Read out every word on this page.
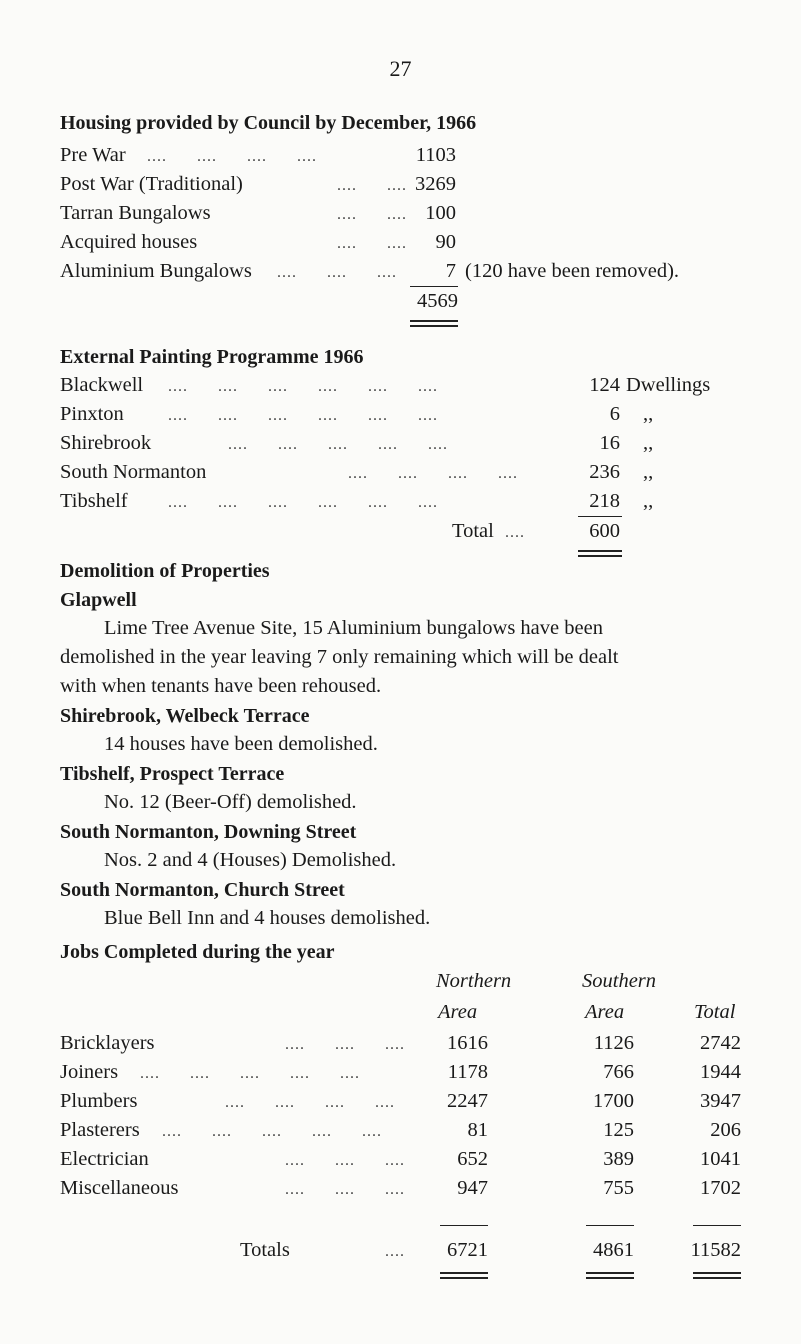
27
Housing provided by Council by December, 1966
Pre War ....      ....      ....      ....	1103
Post War (Traditional)	....      .... 3269
Tarran Bungalows	....      .... 100
Acquired houses	....      ....	90
Aluminium Bungalows ....      ....      ....	7 (120 have been removed).
4569
External Painting Programme 1966
Blackwell ....      ....      ....      ....      ....      ....	124 Dwellings
Pinxton	....      ....      ....      ....      ....      ....	6 ,,
Shirebrook	....      ....      ....      ....      ....	16 ,,
South Normanton	....      ....      ....      ....	236 ,,
Tibshelf	....      ....      ....      ....      ....      ....	218 ,,
Total ....	600
Demolition of Properties
Glapwell
Lime Tree Avenue Site, 15 Aluminium bungalows have been
demolished in the year leaving 7 only remaining which will be dealt
with when tenants have been rehoused.
Shirebrook, Welbeck Terrace
14 houses have been demolished.
Tibshelf, Prospect Terrace
No. 12 (Beer-Off) demolished.
South Normanton, Downing Street
Nos. 2 and 4 (Houses) Demolished.
South Normanton, Church Street
Blue Bell Inn and 4 houses demolished.
Jobs Completed during the year
Northern	Southern
Area	Area	Total
Bricklayers	....      ....      ....	1616	1126	2742
Joiners ....      ....      ....      ....      ....	1178	766	1944
Plumbers	....      ....      ....      ....	2247	1700	3947
Plasterers ....      ....      ....      ....      ....	81	125	206
Electrician	....      ....      ....	652	389	1041
Miscellaneous	....      ....      ....	947	755	1702
Totals	....	6721	4861	11582
